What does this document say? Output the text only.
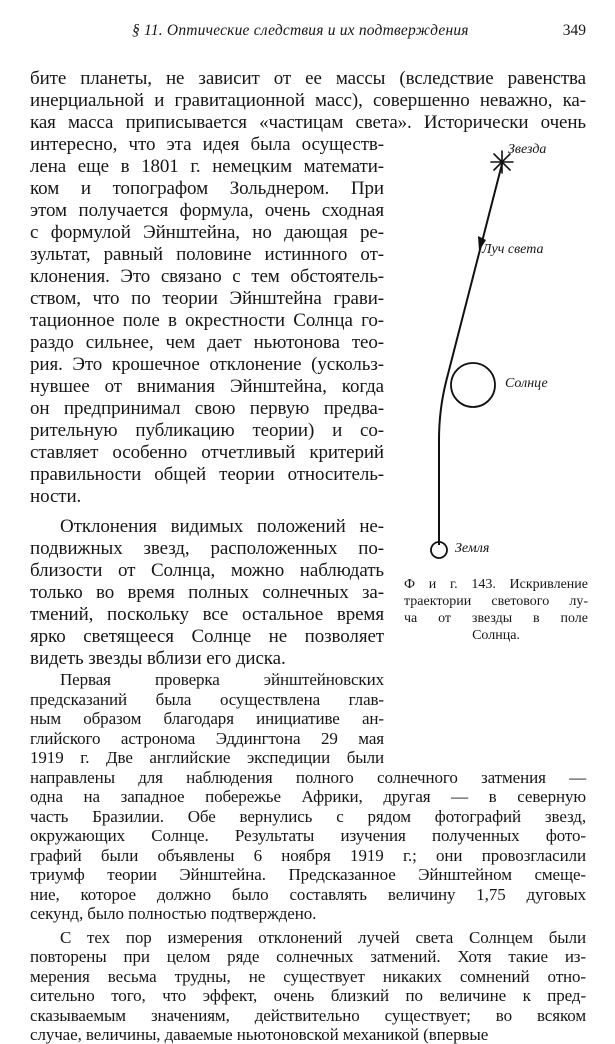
§ 11. Оптические следствия и их подтверждения	349
бите планеты, не зависит от ее массы (вследствие равенства
инерциальной и гравитационной масс), совершенно неважно, ка-
кая масса приписывается «частицам света». Исторически очень
интересно, что эта идея была осуществ-
лена еще в 1801 г. немецким математи-
ком и топографом Зольднером. При
этом получается формула, очень сходная
с формулой Эйнштейна, но дающая ре-
зультат, равный половине истинного от-
клонения. Это связано с тем обстоятель-
ством, что по теории Эйнштейна грави-
тационное поле в окрестности Солнца го-
раздо сильнее, чем дает ньютонова тео-
рия. Это крошечное отклонение (ускольз-
нувшее от внимания Эйнштейна, когда
он предпринимал свою первую предва-
рительную публикацию теории) и со-
ставляет особенно отчетливый критерий
правильности общей теории относитель-
ности.
Отклонения видимых положений не-
подвижных звезд, расположенных по-
близости от Солнца, можно наблюдать
только во время полных солнечных за-
тмений, поскольку все остальное время
ярко светящееся Солнце не позволяет
видеть звезды вблизи его диска.
Звезда
Луч света
Солнце
Земля
Ф и г. 143. Искривление
траектории светового лу-
ча от звезды в поле
Солнца.
Первая проверка эйнштейновских
предсказаний была осуществлена глав-
ным образом благодаря инициативе ан-
глийского астронома Эддингтона 29 мая
1919 г. Две английские экспедиции были
направлены для наблюдения полного солнечного затмения —
одна на западное побережье Африки, другая — в северную
часть Бразилии. Обе вернулись с рядом фотографий звезд,
окружающих Солнце. Результаты изучения полученных фото-
графий были объявлены 6 ноября 1919 г.; они провозгласили
триумф теории Эйнштейна. Предсказанное Эйнштейном смеще-
ние, которое должно было составлять величину 1,75 дуговых
секунд, было полностью подтверждено.
С тех пор измерения отклонений лучей света Солнцем были
повторены при целом ряде солнечных затмений. Хотя такие из-
мерения весьма трудны, не существует никаких сомнений отно-
сительно того, что эффект, очень близкий по величине к пред-
сказываемым значениям, действительно существует; во всяком
случае, величины, даваемые ньютоновской механикой (впервые
